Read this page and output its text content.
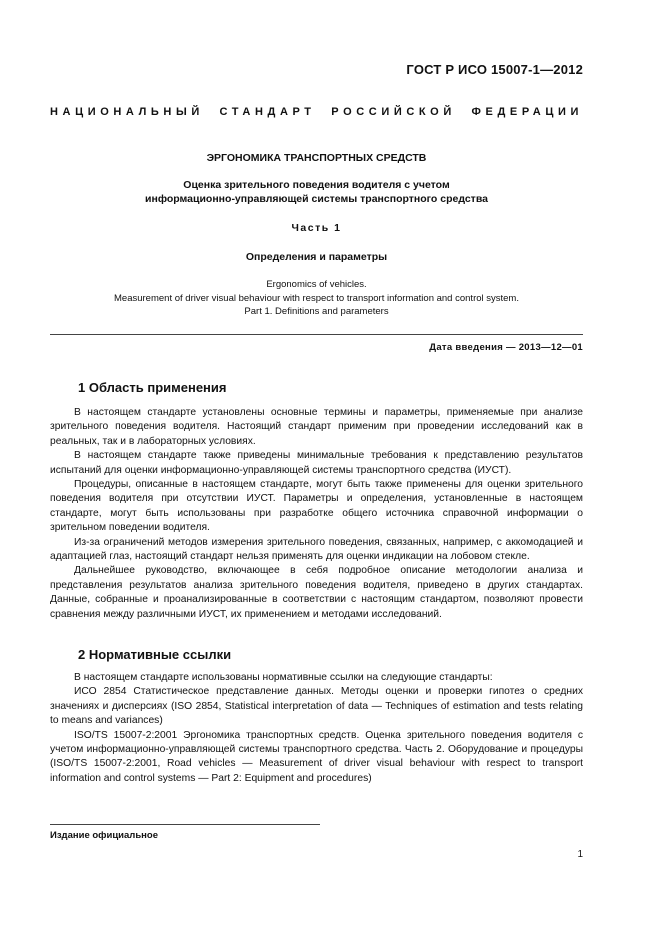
ГОСТ Р ИСО 15007-1—2012
НАЦИОНАЛЬНЫЙ СТАНДАРТ РОССИЙСКОЙ ФЕДЕРАЦИИ
ЭРГОНОМИКА ТРАНСПОРТНЫХ СРЕДСТВ
Оценка зрительного поведения водителя с учетом
информационно-управляющей системы транспортного средства
Часть 1
Определения и параметры
Ergonomics of vehicles.
Measurement of driver visual behaviour with respect to transport information and control system.
Part 1. Definitions and parameters
Дата введения — 2013—12—01
1 Область применения

В настоящем стандарте установлены основные термины и параметры, применяемые при анализе зрительного поведения водителя. Настоящий стандарт применим при проведении исследований как в реальных, так и в лабораторных условиях.

В настоящем стандарте также приведены минимальные требования к представлению результатов испытаний для оценки информационно-управляющей системы транспортного средства (ИУСТ).

Процедуры, описанные в настоящем стандарте, могут быть также применены для оценки зрительного поведения водителя при отсутствии ИУСТ. Параметры и определения, установленные в настоящем стандарте, могут быть использованы при разработке общего источника справочной информации о зрительном поведении водителя.

Из-за ограничений методов измерения зрительного поведения, связанных, например, с аккомодацией и адаптацией глаз, настоящий стандарт нельзя применять для оценки индикации на лобовом стекле.

Дальнейшее руководство, включающее в себя подробное описание методологии анализа и представления результатов анализа зрительного поведения водителя, приведено в других стандартах. Данные, собранные и проанализированные в соответствии с настоящим стандартом, позволяют провести сравнения между различными ИУСТ, их применением и методами исследований.

2 Нормативные ссылки

В настоящем стандарте использованы нормативные ссылки на следующие стандарты:

ИСО 2854 Статистическое представление данных. Методы оценки и проверки гипотез о средних значениях и дисперсиях (ISO 2854, Statistical interpretation of data — Techniques of estimation and tests relating to means and variances)

ISO/TS 15007-2:2001 Эргономика транспортных средств. Оценка зрительного поведения водителя с учетом информационно-управляющей системы транспортного средства. Часть 2. Оборудование и процедуры (ISO/TS 15007-2:2001, Road vehicles — Measurement of driver visual behaviour with respect to transport information and control systems — Part 2: Equipment and procedures)

Издание официальное
1
